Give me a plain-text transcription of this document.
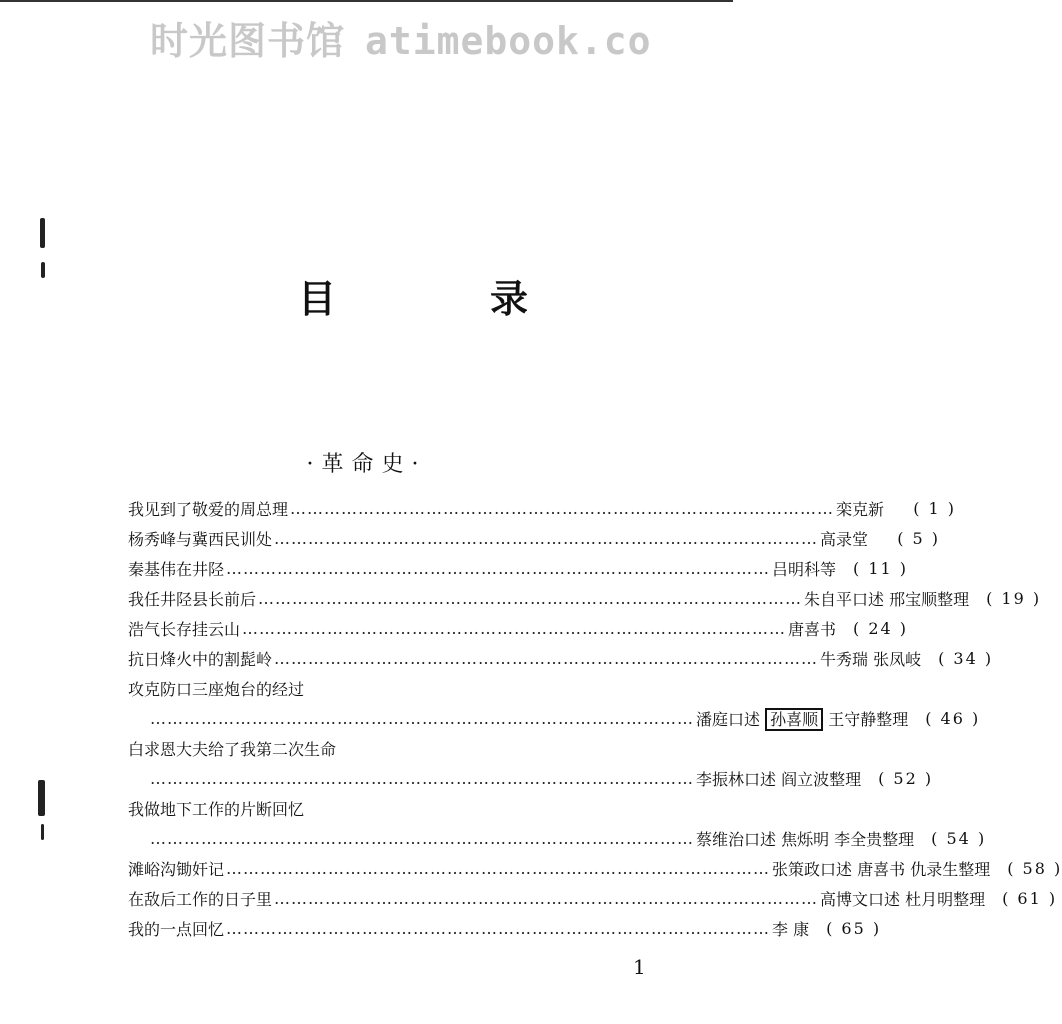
时光图书馆 atimebook.co
目	录
·革命史·
我见到了敬爱的周总理 …………………………………………………………………………………… 栾克新	( 1 )
杨秀峰与冀西民训处 …………………………………………………………………………………… 高录堂	( 5 )
秦基伟在井陉 …………………………………………………………………………………… 吕明科等	( 11 )
我任井陉县长前后 …………………………………………………………………………………… 朱自平口述 邢宝顺整理	( 19 )
浩气长存挂云山 …………………………………………………………………………………… 唐喜书	( 24 )
抗日烽火中的割髭岭 …………………………………………………………………………………… 牛秀瑞 张凤岐	( 34 )
攻克防口三座炮台的经过
…………………………………………………………………………………… 潘庭口述 孙喜顺 王守静整理	( 46 )
白求恩大夫给了我第二次生命
…………………………………………………………………………………… 李振林口述 阎立波整理	( 52 )
我做地下工作的片断回忆
…………………………………………………………………………………… 蔡维治口述 焦烁明 李全贵整理	( 54 )
滩峪沟锄奸记 …………………………………………………………………………………… 张策政口述 唐喜书 仇录生整理	( 58 )
在敌后工作的日子里 …………………………………………………………………………………… 高博文口述 杜月明整理	( 61 )
我的一点回忆 …………………………………………………………………………………… 李 康	( 65 )
1
